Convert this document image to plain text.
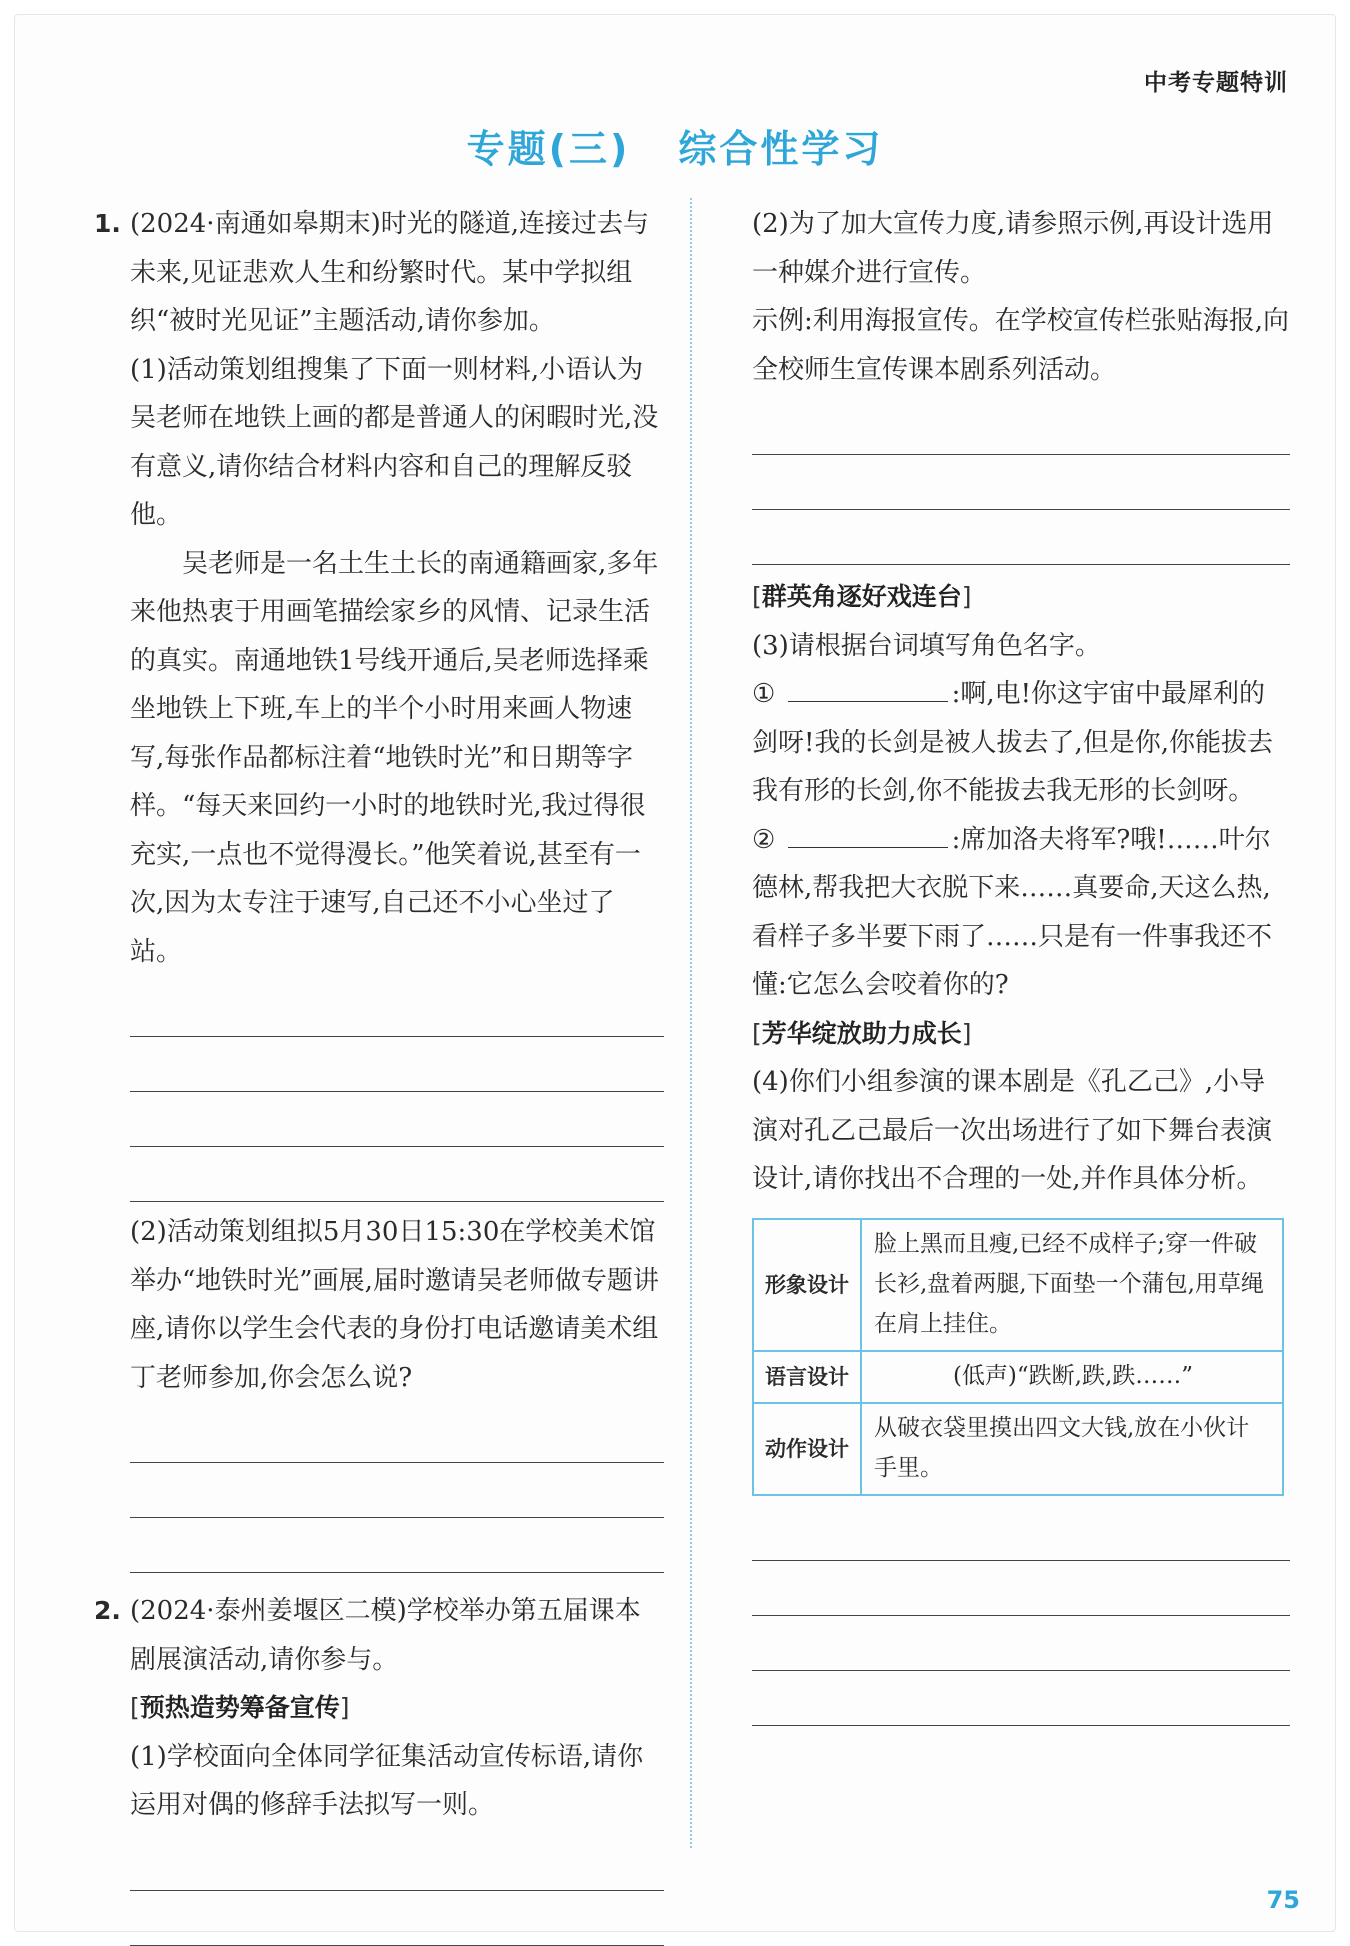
中考专题特训
专题(三) 综合性学习
1. (2024·南通如皋期末)时光的隧道,连接过去与未来,见证悲欢人生和纷繁时代。某中学拟组织“被时光见证”主题活动,请你参加。

(1)活动策划组搜集了下面一则材料,小语认为吴老师在地铁上画的都是普通人的闲暇时光,没有意义,请你结合材料内容和自己的理解反驳他。

吴老师是一名土生土长的南通籍画家,多年来他热衷于用画笔描绘家乡的风情、记录生活的真实。南通地铁1号线开通后,吴老师选择乘坐地铁上下班,车上的半个小时用来画人物速写,每张作品都标注着“地铁时光”和日期等字样。“每天来回约一小时的地铁时光,我过得很充实,一点也不觉得漫长。”他笑着说,甚至有一次,因为太专注于速写,自己还不小心坐过了站。

(2)活动策划组拟5月30日15:30在学校美术馆举办“地铁时光”画展,届时邀请吴老师做专题讲座,请你以学生会代表的身份打电话邀请美术组丁老师参加,你会怎么说?

2. (2024·泰州姜堰区二模)学校举办第五届课本剧展演活动,请你参与。

[预热造势筹备宣传]

(1)学校面向全体同学征集活动宣传标语,请你运用对偶的修辞手法拟写一则。

(2)为了加大宣传力度,请参照示例,再设计选用一种媒介进行宣传。

示例:利用海报宣传。在学校宣传栏张贴海报,向全校师生宣传课本剧系列活动。

[群英角逐好戏连台]

(3)请根据台词填写角色名字。

①	:啊,电!你这宇宙中最犀利的剑呀!我的长剑是被人拔去了,但是你,你能拔去我有形的长剑,你不能拔去我无形的长剑呀。

②	:席加洛夫将军?哦!……叶尔德林,帮我把大衣脱下来……真要命,天这么热,看样子多半要下雨了……只是有一件事我还不懂:它怎么会咬着你的?

[芳华绽放助力成长]

(4)你们小组参演的课本剧是《孔乙己》,小导演对孔乙己最后一次出场进行了如下舞台表演设计,请你找出不合理的一处,并作具体分析。

形象设计	脸上黑而且瘦,已经不成样子;穿一件破长衫,盘着两腿,下面垫一个蒲包,用草绳在肩上挂住。
语言设计	(低声)“跌断,跌,跌……”
动作设计	从破衣袋里摸出四文大钱,放在小伙计手里。
75
